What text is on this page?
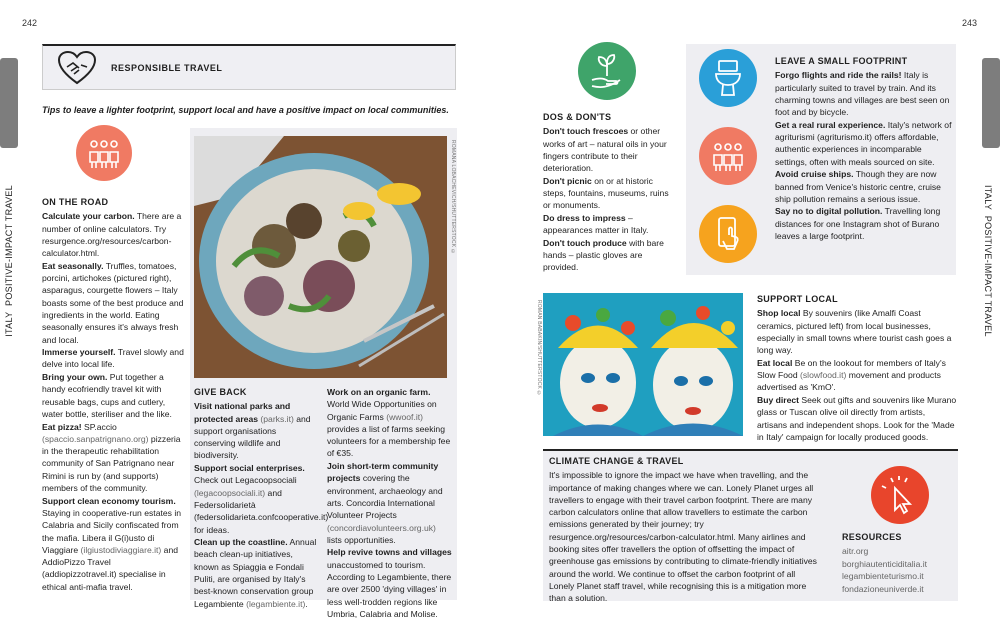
242	243
ITALY  POSITIVE-IMPACT TRAVEL	ITALY  POSITIVE-IMPACT TRAVEL
RESPONSIBLE TRAVEL
Tips to leave a lighter footprint, support local and have a positive impact on local communities.
ON THE ROAD

Calculate your carbon. There are a number of online calculators. Try resurgence.org/resources/carbon-calculator.html.

Eat seasonally. Truffles, tomatoes, porcini, artichokes (pictured right), asparagus, courgette flowers – Italy boasts some of the best produce and ingredients in the world. Eating seasonally ensures it's always fresh and local.

Immerse yourself. Travel slowly and delve into local life.

Bring your own. Put together a handy ecofriendly travel kit with reusable bags, cups and cutlery, water bottle, steriliser and the like.

Eat pizza! SP.accio (spaccio.sanpatrignano.org) pizzeria in the therapeutic rehabilitation community of San Patrignano near Rimini is run by (and supports) members of the community.

Support clean economy tourism. Staying in cooperative-run estates in Calabria and Sicily confiscated from the mafia. Libera il G(i)usto di Viaggiare (ilgiustodiviaggiare.it) and AddioPizzo Travel (addiopizzotravel.it) specialise in ethical anti-mafia travel.

ROMANA LOBACHEVICH/SHUTTERSTOCK ©
GIVE BACK

Visit national parks and protected areas (parks.it) and support organisations conserving wildlife and biodiversity.

Support social enterprises. Check out Legacoopsociali (legacoopsociali.it) and Federsolidarietà (federsolidarieta.confcooperative.it) for ideas.

Clean up the coastline. Annual beach clean-up initiatives, known as Spiaggia e Fondali Puliti, are organised by Italy's best-known conservation group Legambiente (legambiente.it).

Work on an organic farm. World Wide Opportunities on Organic Farms (wwoof.it) provides a list of farms seeking volunteers for a membership fee of €35.

Join short-term community projects covering the environment, archaeology and arts. Concordia International Volunteer Projects (concordiavolunteers.org.uk) lists opportunities.

Help revive towns and villages unaccustomed to tourism. According to Legambiente, there are over 2500 'dying villages' in less well-trodden regions like Umbria, Calabria and Molise.

DOS & DON'TS

Don't touch frescoes or other works of art – natural oils in your fingers contribute to their deterioration.

Don't picnic on or at historic steps, fountains, museums, ruins or monuments.

Do dress to impress – appearances matter in Italy.

Don't touch produce with bare hands – plastic gloves are provided.

LEAVE A SMALL FOOTPRINT

Forgo flights and ride the rails! Italy is particularly suited to travel by train. And its charming towns and villages are best seen on foot and by bicycle.

Get a real rural experience. Italy's network of agriturismi (agriturismo.it) offers affordable, authentic experiences in incomparable settings, often with meals sourced on site.

Avoid cruise ships. Though they are now banned from Venice's historic centre, cruise ship pollution remains a serious issue.

Say no to digital pollution. Travelling long distances for one Instagram shot of Burano leaves a large footprint.

ROMAN BABAKIN/SHUTTERSTOCK ©
SUPPORT LOCAL

Shop local By souvenirs (like Amalfi Coast ceramics, pictured left) from local businesses, especially in small towns where tourist cash goes a long way.

Eat local Be on the lookout for members of Italy's Slow Food (slowfood.it) movement and products advertised as 'KmO'.

Buy direct Seek out gifts and souvenirs like Murano glass or Tuscan olive oil directly from artists, artisans and independent shops. Look for the 'Made in Italy' campaign for locally produced goods.

CLIMATE CHANGE & TRAVEL

It's impossible to ignore the impact we have when travelling, and the importance of making changes where we can. Lonely Planet urges all travellers to engage with their travel carbon footprint. There are many carbon calculators online that allow travellers to estimate the carbon emissions generated by their journey; try resurgence.org/resources/carbon-calculator.html. Many airlines and booking sites offer travellers the option of offsetting the impact of greenhouse gas emissions by contributing to climate-friendly initiatives around the world. We continue to offset the carbon footprint of all Lonely Planet staff travel, while recognising this is a mitigation more than a solution.

RESOURCES

aitr.org

borghiautenticiditalia.it

legambienteturismo.it

fondazioneuniverde.it
